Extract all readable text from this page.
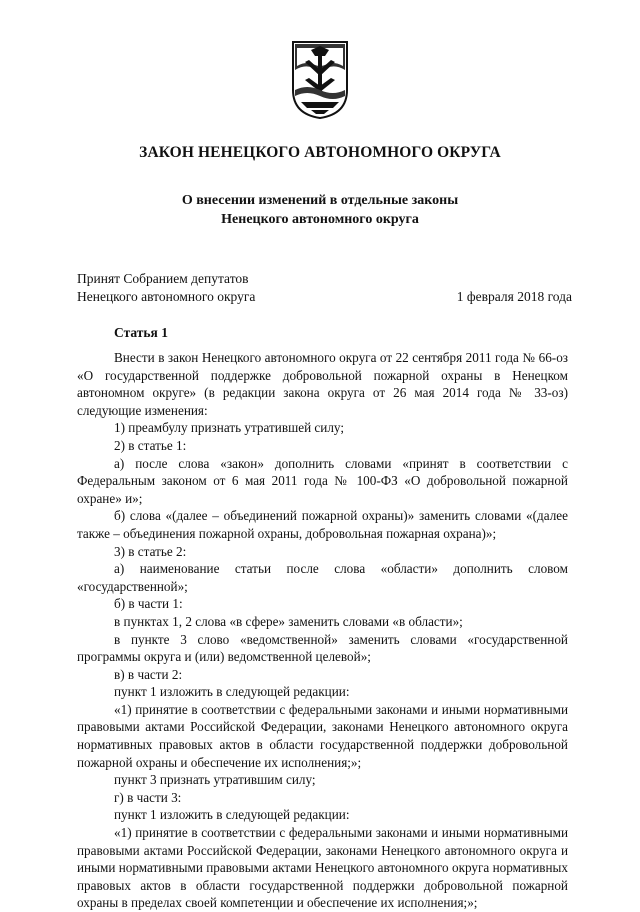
ЗАКОН НЕНЕЦКОГО АВТОНОМНОГО ОКРУГА
О внесении изменений в отдельные законы
Ненецкого автономного округа
Принят Собранием депутатов
Ненецкого автономного округа	1 февраля 2018 года
Статья 1

Внести в закон Ненецкого автономного округа от 22 сентября 2011 года № 66-оз «О государственной поддержке добровольной пожарной охраны в Ненецком автономном округе» (в редакции закона округа от 26 мая 2014 года № 33-оз) следующие изменения:

1) преамбулу признать утратившей силу;

2) в статье 1:

а) после слова «закон» дополнить словами «принят в соответствии с Федеральным законом от 6 мая 2011 года № 100-ФЗ «О добровольной пожарной охране» и»;

б) слова «(далее – объединений пожарной охраны)» заменить словами «(далее также – объединения пожарной охраны, добровольная пожарная охрана)»;

3) в статье 2:

а) наименование статьи после слова «области» дополнить словом «государственной»;

б) в части 1:

в пунктах 1, 2 слова «в сфере» заменить словами «в области»;

в пункте 3 слово «ведомственной» заменить словами «государственной программы округа и (или) ведомственной целевой»;

в) в части 2:

пункт 1 изложить в следующей редакции:

«1) принятие в соответствии с федеральными законами и иными нормативными правовыми актами Российской Федерации, законами Ненецкого автономного округа нормативных правовых актов в области государственной поддержки добровольной пожарной охраны и обеспечение их исполнения;»;

пункт 3 признать утратившим силу;

г) в части 3:

пункт 1 изложить в следующей редакции:

«1) принятие в соответствии с федеральными законами и иными нормативными правовыми актами Российской Федерации, законами Ненецкого автономного округа и иными нормативными правовыми актами Ненецкого автономного округа нормативных правовых актов в области государственной поддержки добровольной пожарной охраны в пределах своей компетенции и обеспечение их исполнения;»;
